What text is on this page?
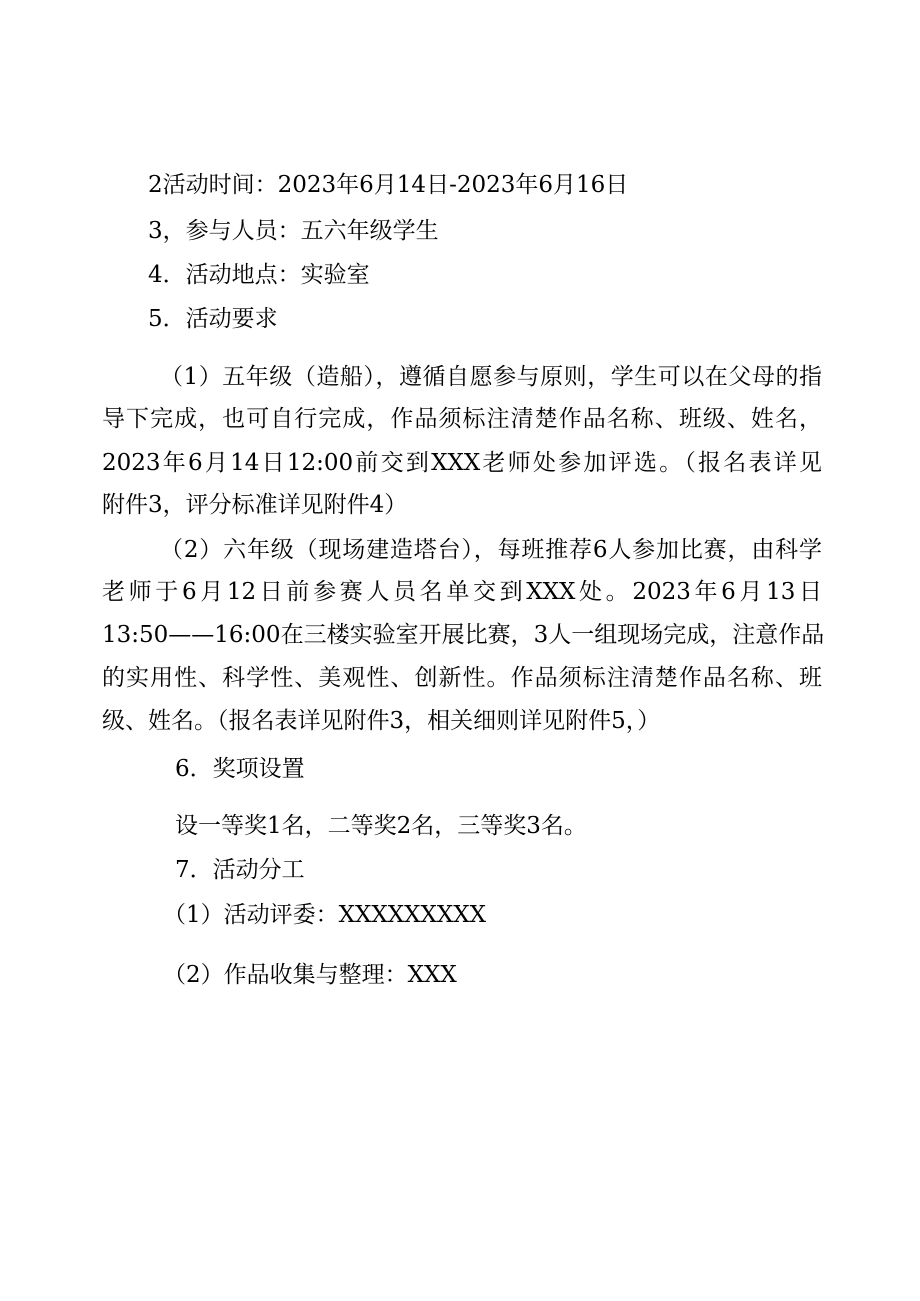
2活动时间：2023年6月14日-2023年6月16日
3，参与人员：五六年级学生
4．活动地点：实验室
5．活动要求
（1）五年级（造船），遵循自愿参与原则，学生可以在父母的指
导下完成，也可自行完成，作品须标注清楚作品名称、班级、姓名，
2023年6月14日12:00前交到XXX老师处参加评选。（报名表详见
附件3，评分标准详见附件4）
（2）六年级（现场建造塔台），每班推荐6人参加比赛，由科学
老师于6月12日前参赛人员名单交到XXX处。2023年6月13日
13:50——16:00在三楼实验室开展比赛，3人一组现场完成，注意作品
的实用性、科学性、美观性、创新性。作品须标注清楚作品名称、班
级、姓名。（报名表详见附件3，相关细则详见附件5，）
6．奖项设置
设一等奖1名，二等奖2名，三等奖3名。
7．活动分工
（1）活动评委：XXXXXXXXX
（2）作品收集与整理：XXX
